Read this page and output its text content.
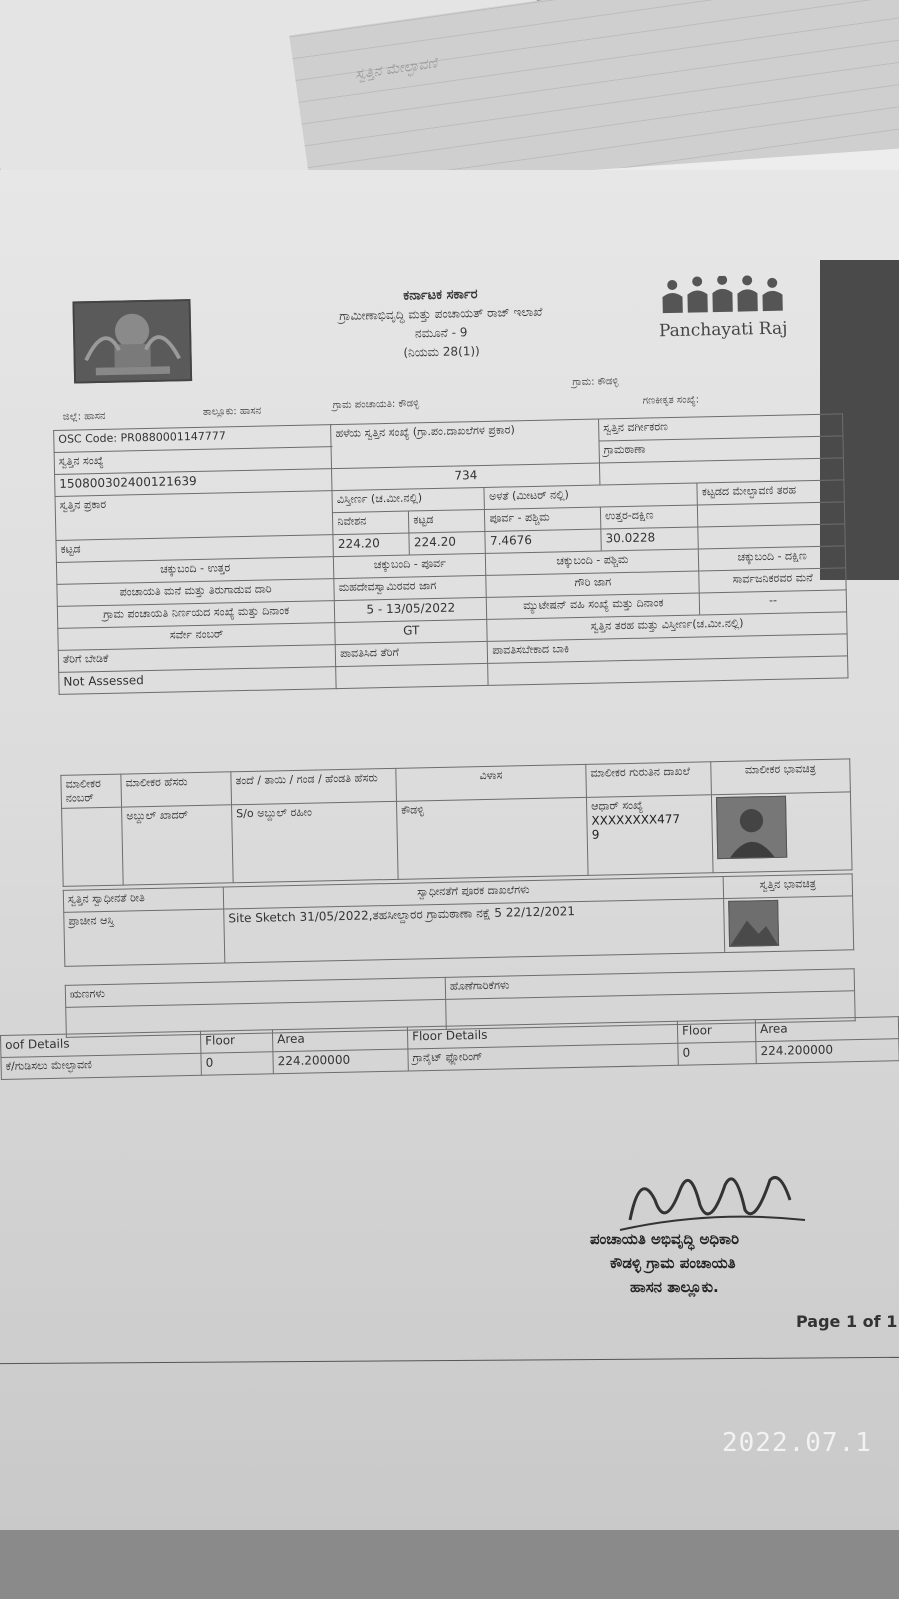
ಸ್ವತ್ತಿನ ಮೇಲ್ಛಾವಣಿ
ಕರ್ನಾಟಕ ಸರ್ಕಾರ
ಗ್ರಾಮೀಣಾಭಿವೃದ್ಧಿ ಮತ್ತು ಪಂಚಾಯತ್ ರಾಜ್ ಇಲಾಖೆ
ನಮೂನೆ - 9
(ನಿಯಮ 28(1))
Panchayati Raj
ಜಿಲ್ಲೆ: ಹಾಸನ	ತಾಲ್ಲೂಕು: ಹಾಸನ
ಗ್ರಾಮ ಪಂಚಾಯತಿ: ಕೌಡಳ್ಳಿ
ಗ್ರಾಮ: ಕೌಡಳ್ಳಿ
ಗಣಕೀಕೃತ ಸಂಖ್ಯೆ:
OSC Code: PR0880001147777	ಹಳೆಯ ಸ್ವತ್ತಿನ ಸಂಖ್ಯೆ (ಗ್ರಾ.ಪಂ.ದಾಖಲೆಗಳ ಪ್ರಕಾರ)			ಸ್ವತ್ತಿನ ವರ್ಗೀಕರಣ	
ಸ್ವತ್ತಿನ ಸಂಖ್ಯೆ				ಗ್ರಾಮಠಾಣಾ	
150800302400121639	734				
ಸ್ವತ್ತಿನ ಪ್ರಕಾರ	ವಿಸ್ತೀರ್ಣ (ಚ.ಮೀ.ನಲ್ಲಿ)		ಅಳತೆ (ಮೀಟರ್ ನಲ್ಲಿ)		ಕಟ್ಟಡದ ಮೇಲ್ಛಾವಣಿ ತರಹ
	ನಿವೇಶನ	ಕಟ್ಟಡ	ಪೂರ್ವ - ಪಶ್ಚಿಮ	ಉತ್ತರ-ದಕ್ಷಿಣ	
ಕಟ್ಟಡ	224.20	224.20	7.4676	30.0228	
ಚಕ್ಕುಬಂದಿ - ಉತ್ತರ	ಚಕ್ಕುಬಂದಿ - ಪೂರ್ವ		ಚಕ್ಕುಬಂದಿ - ಪಶ್ಚಿಮ		ಚಕ್ಕುಬಂದಿ - ದಕ್ಷಿಣ
ಪಂಚಾಯತಿ ಮನೆ ಮತ್ತು ತಿರುಗಾಡುವ ದಾರಿ	ಮಹದೇವಸ್ವಾಮಿರವರ ಜಾಗ		ಗೌರಿ ಜಾಗ		ಸಾರ್ವಜನಿಕರವರ ಮನೆ
ಗ್ರಾಮ ಪಂಚಾಯತಿ ನಿರ್ಣಯದ ಸಂಖ್ಯೆ ಮತ್ತು ದಿನಾಂಕ	5 - 13/05/2022		ಮ್ಯುಟೇಷನ್ ವಹಿ ಸಂಖ್ಯೆ ಮತ್ತು ದಿನಾಂಕ		--
ಸರ್ವೇ ನಂಬರ್	GT		ಸ್ವತ್ತಿನ ತರಹ ಮತ್ತು ವಿಸ್ತೀರ್ಣ(ಚ.ಮೀ.ನಲ್ಲಿ)		
ತೆರಿಗೆ ಬೇಡಿಕೆ	ಪಾವತಿಸಿದ ತೆರಿಗೆ		ಪಾವತಿಸಬೇಕಾದ ಬಾಕಿ		
Not Assessed					
ಮಾಲೀಕರ ನಂಬರ್	ಮಾಲೀಕರ ಹೆಸರು	ತಂದೆ / ತಾಯಿ / ಗಂಡ / ಹೆಂಡತಿ ಹೆಸರು	ವಿಳಾಸ	ಮಾಲೀಕರ ಗುರುತಿನ ದಾಖಲೆ	ಮಾಲೀಕರ ಭಾವಚಿತ್ರ
	ಅಬ್ದುಲ್ ಖಾದರ್	S/o ಅಬ್ದುಲ್ ರಹೀಂ	ಕೌಡಳ್ಳಿ	ಆಧಾರ್ ಸಂಖ್ಯೆ
XXXXXXXX477
9

ಸ್ವತ್ತಿನ ಸ್ವಾಧೀನತೆ ರೀತಿ	ಸ್ವಾಧೀನತೆಗೆ ಪೂರಕ ದಾಖಲೆಗಳು	ಸ್ವತ್ತಿನ ಭಾವಚಿತ್ರ
ಪ್ರಾಚೀನ ಆಸ್ತಿ	Site Sketch 31/05/2022,ತಹಸೀಲ್ದಾರರ ಗ್ರಾಮಠಾಣಾ ನಕ್ಷೆ 5 22/12/2021	
ಋಣಗಳು	ಹೊಣೆಗಾರಿಕೆಗಳು

oof Details	Floor	Area	Floor Details	Floor	Area
ಕೆ/ಗುಡಿಸಲು ಮೇಲ್ಛಾವಣಿ	0	224.200000	ಗ್ರಾನೈಟ್ ಫ್ಲೋರಿಂಗ್	0	224.200000
ಪಂಚಾಯತಿ ಅಭಿವೃದ್ಧಿ ಅಧಿಕಾರಿ
ಕೌಡಳ್ಳಿ ಗ್ರಾಮ ಪಂಚಾಯತಿ
ಹಾಸನ ತಾಲ್ಲೂಕು.
Page 1 of 1
2022.07.1
